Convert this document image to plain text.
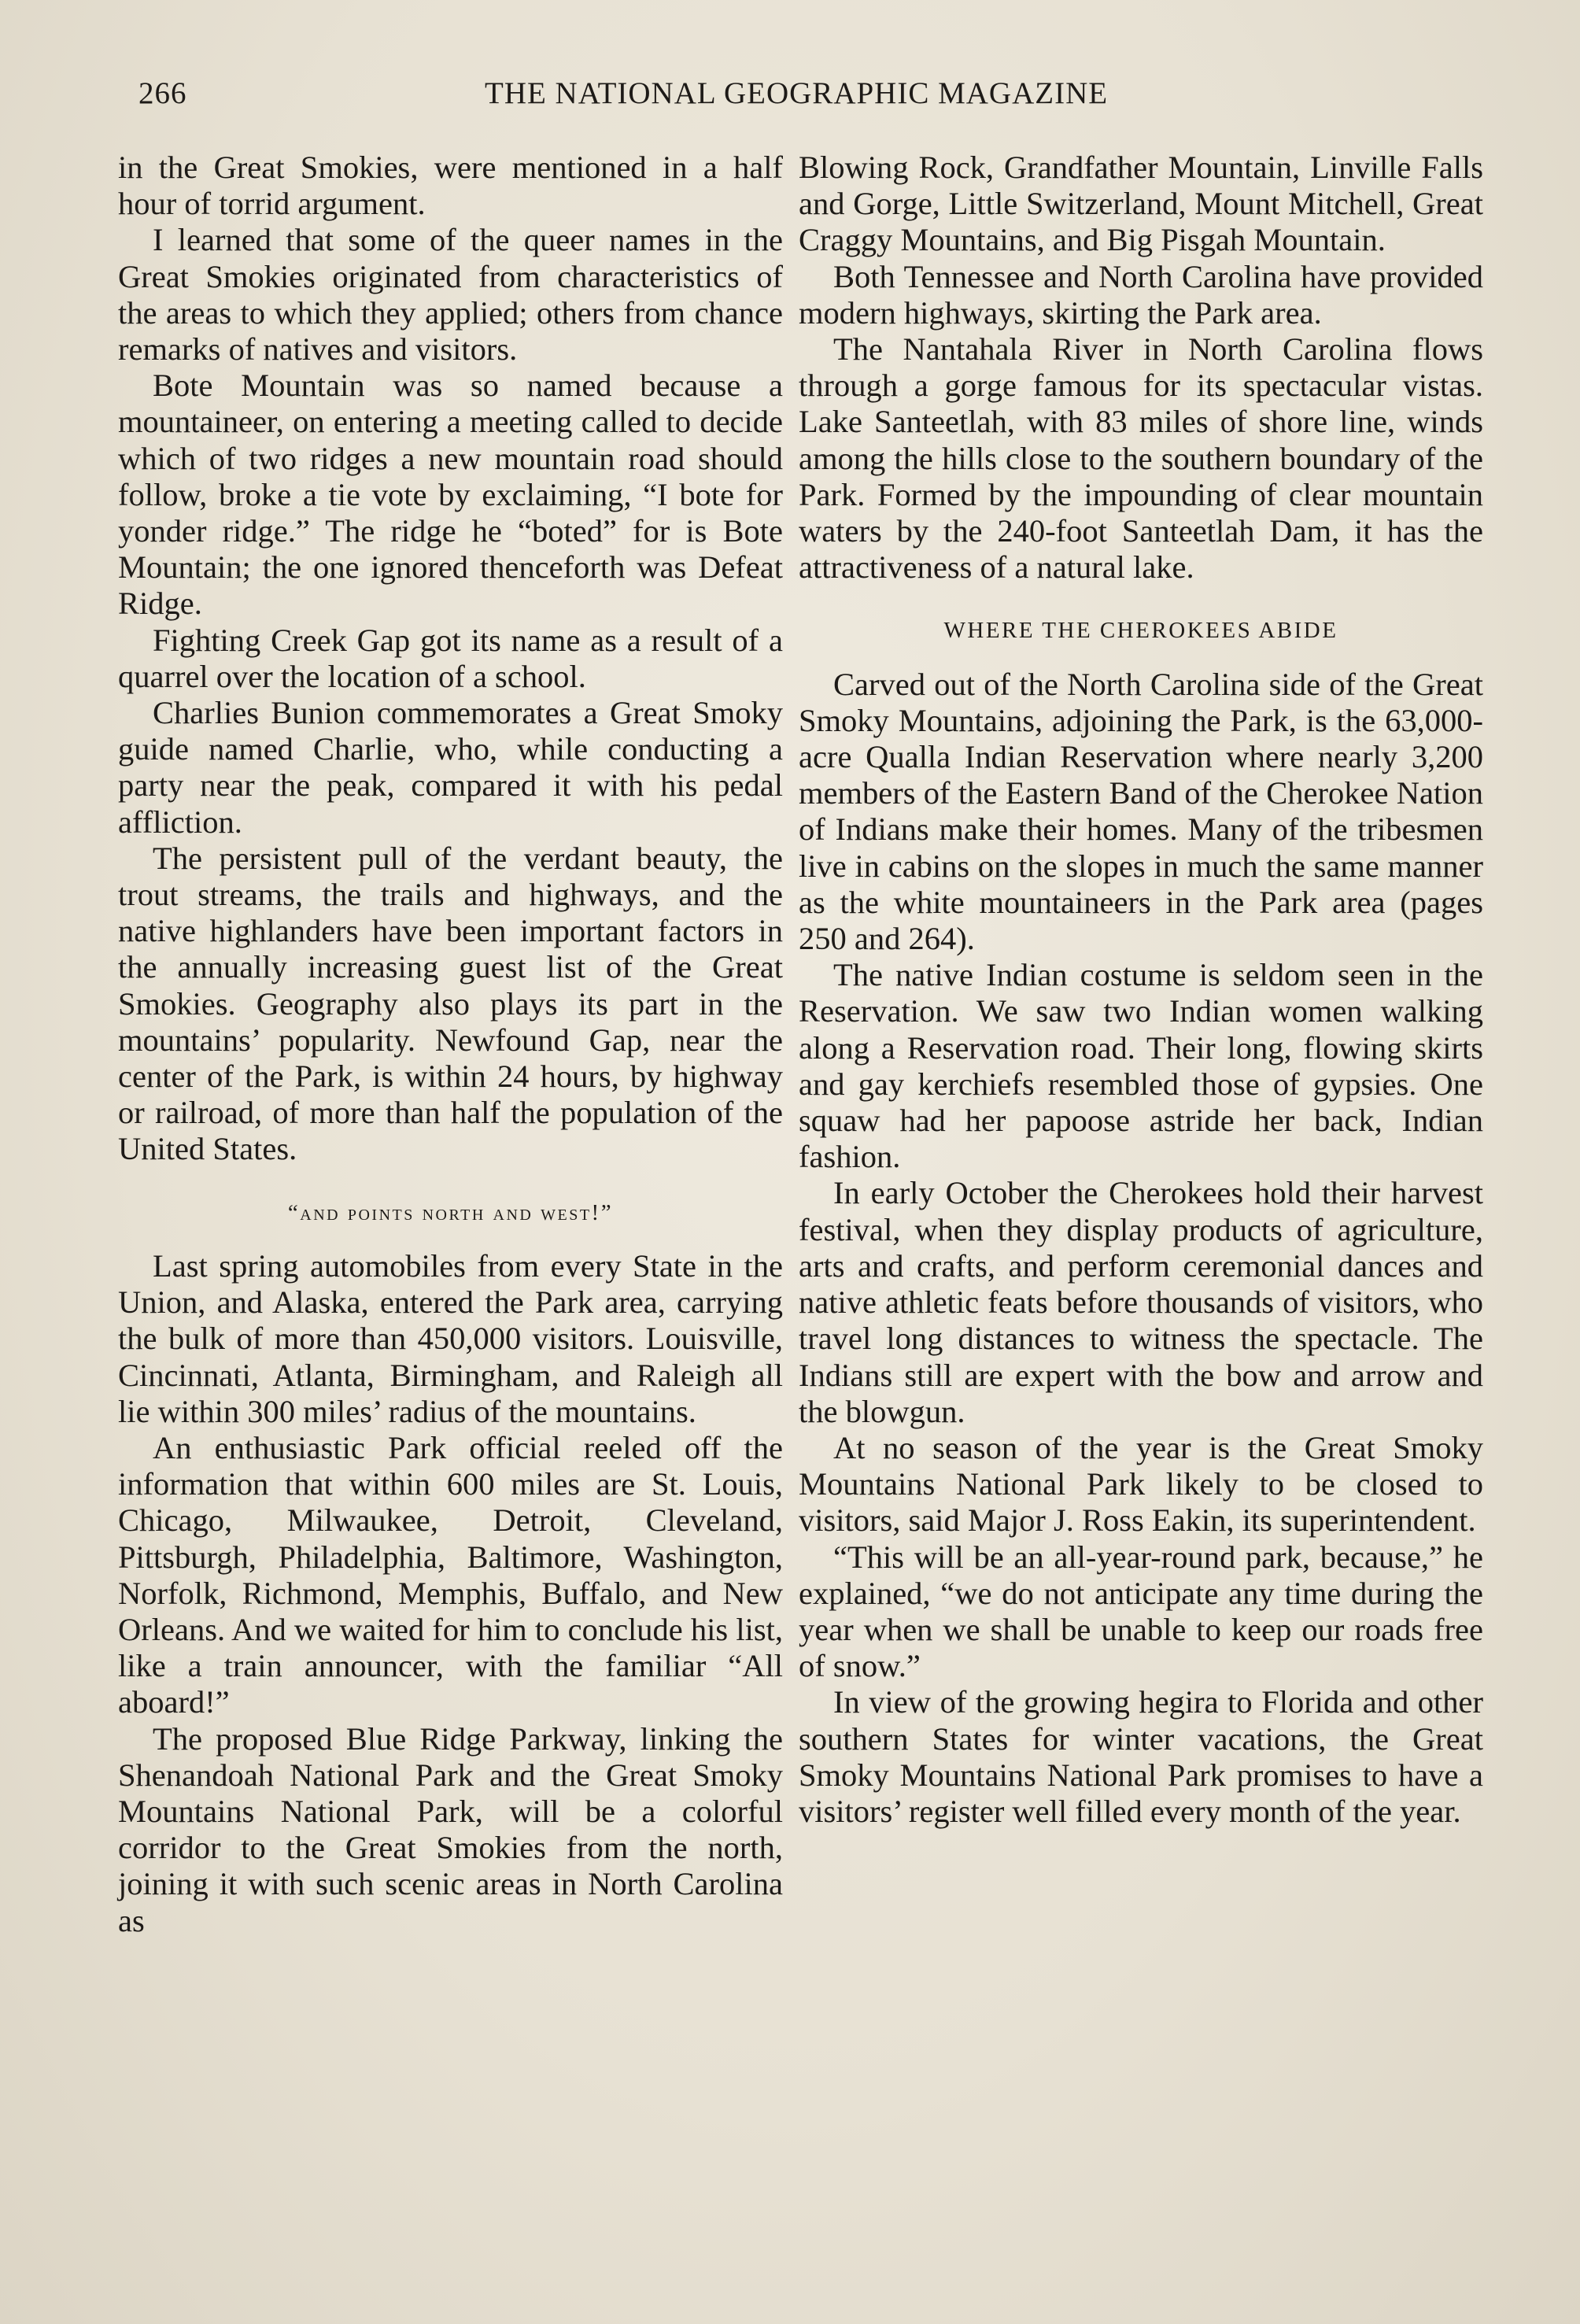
266	THE NATIONAL GEOGRAPHIC MAGAZINE

in the Great Smokies, were mentioned in a half hour of torrid argument.

I learned that some of the queer names in the Great Smokies originated from characteristics of the areas to which they applied; others from chance remarks of natives and visitors.

Bote Mountain was so named because a mountaineer, on entering a meeting called to decide which of two ridges a new mountain road should follow, broke a tie vote by exclaiming, “I bote for yonder ridge.” The ridge he “boted” for is Bote Mountain; the one ignored thenceforth was Defeat Ridge.

Fighting Creek Gap got its name as a result of a quarrel over the location of a school.

Charlies Bunion commemorates a Great Smoky guide named Charlie, who, while conducting a party near the peak, compared it with his pedal affliction.

The persistent pull of the verdant beauty, the trout streams, the trails and highways, and the native highlanders have been important factors in the annually increasing guest list of the Great Smokies. Geography also plays its part in the mountains’ popularity. Newfound Gap, near the center of the Park, is within 24 hours, by highway or railroad, of more than half the population of the United States.

“and points north and west!”

Last spring automobiles from every State in the Union, and Alaska, entered the Park area, carrying the bulk of more than 450,000 visitors. Louisville, Cincinnati, Atlanta, Birmingham, and Raleigh all lie within 300 miles’ radius of the mountains.

An enthusiastic Park official reeled off the information that within 600 miles are St. Louis, Chicago, Milwaukee, Detroit, Cleveland, Pittsburgh, Philadelphia, Baltimore, Washington, Norfolk, Richmond, Memphis, Buffalo, and New Orleans. And we waited for him to conclude his list, like a train announcer, with the familiar “All aboard!”

The proposed Blue Ridge Parkway, linking the Shenandoah National Park and the Great Smoky Mountains National Park, will be a colorful corridor to the Great Smokies from the north, joining it with such scenic areas in North Carolina as

Blowing Rock, Grandfather Mountain, Linville Falls and Gorge, Little Switzerland, Mount Mitchell, Great Craggy Mountains, and Big Pisgah Mountain.

Both Tennessee and North Carolina have provided modern highways, skirting the Park area.

The Nantahala River in North Carolina flows through a gorge famous for its spectacular vistas. Lake Santeetlah, with 83 miles of shore line, winds among the hills close to the southern boundary of the Park. Formed by the impounding of clear mountain waters by the 240-foot Santeetlah Dam, it has the attractiveness of a natural lake.

WHERE THE CHEROKEES ABIDE

Carved out of the North Carolina side of the Great Smoky Mountains, adjoining the Park, is the 63,000-acre Qualla Indian Reservation where nearly 3,200 members of the Eastern Band of the Cherokee Nation of Indians make their homes. Many of the tribesmen live in cabins on the slopes in much the same manner as the white mountaineers in the Park area (pages 250 and 264).

The native Indian costume is seldom seen in the Reservation. We saw two Indian women walking along a Reservation road. Their long, flowing skirts and gay kerchiefs resembled those of gypsies. One squaw had her papoose astride her back, Indian fashion.

In early October the Cherokees hold their harvest festival, when they display products of agriculture, arts and crafts, and perform ceremonial dances and native athletic feats before thousands of visitors, who travel long distances to witness the spectacle. The Indians still are expert with the bow and arrow and the blowgun.

At no season of the year is the Great Smoky Mountains National Park likely to be closed to visitors, said Major J. Ross Eakin, its superintendent.

“This will be an all-year-round park, because,” he explained, “we do not anticipate any time during the year when we shall be unable to keep our roads free of snow.”

In view of the growing hegira to Florida and other southern States for winter vacations, the Great Smoky Mountains National Park promises to have a visitors’ register well filled every month of the year.
